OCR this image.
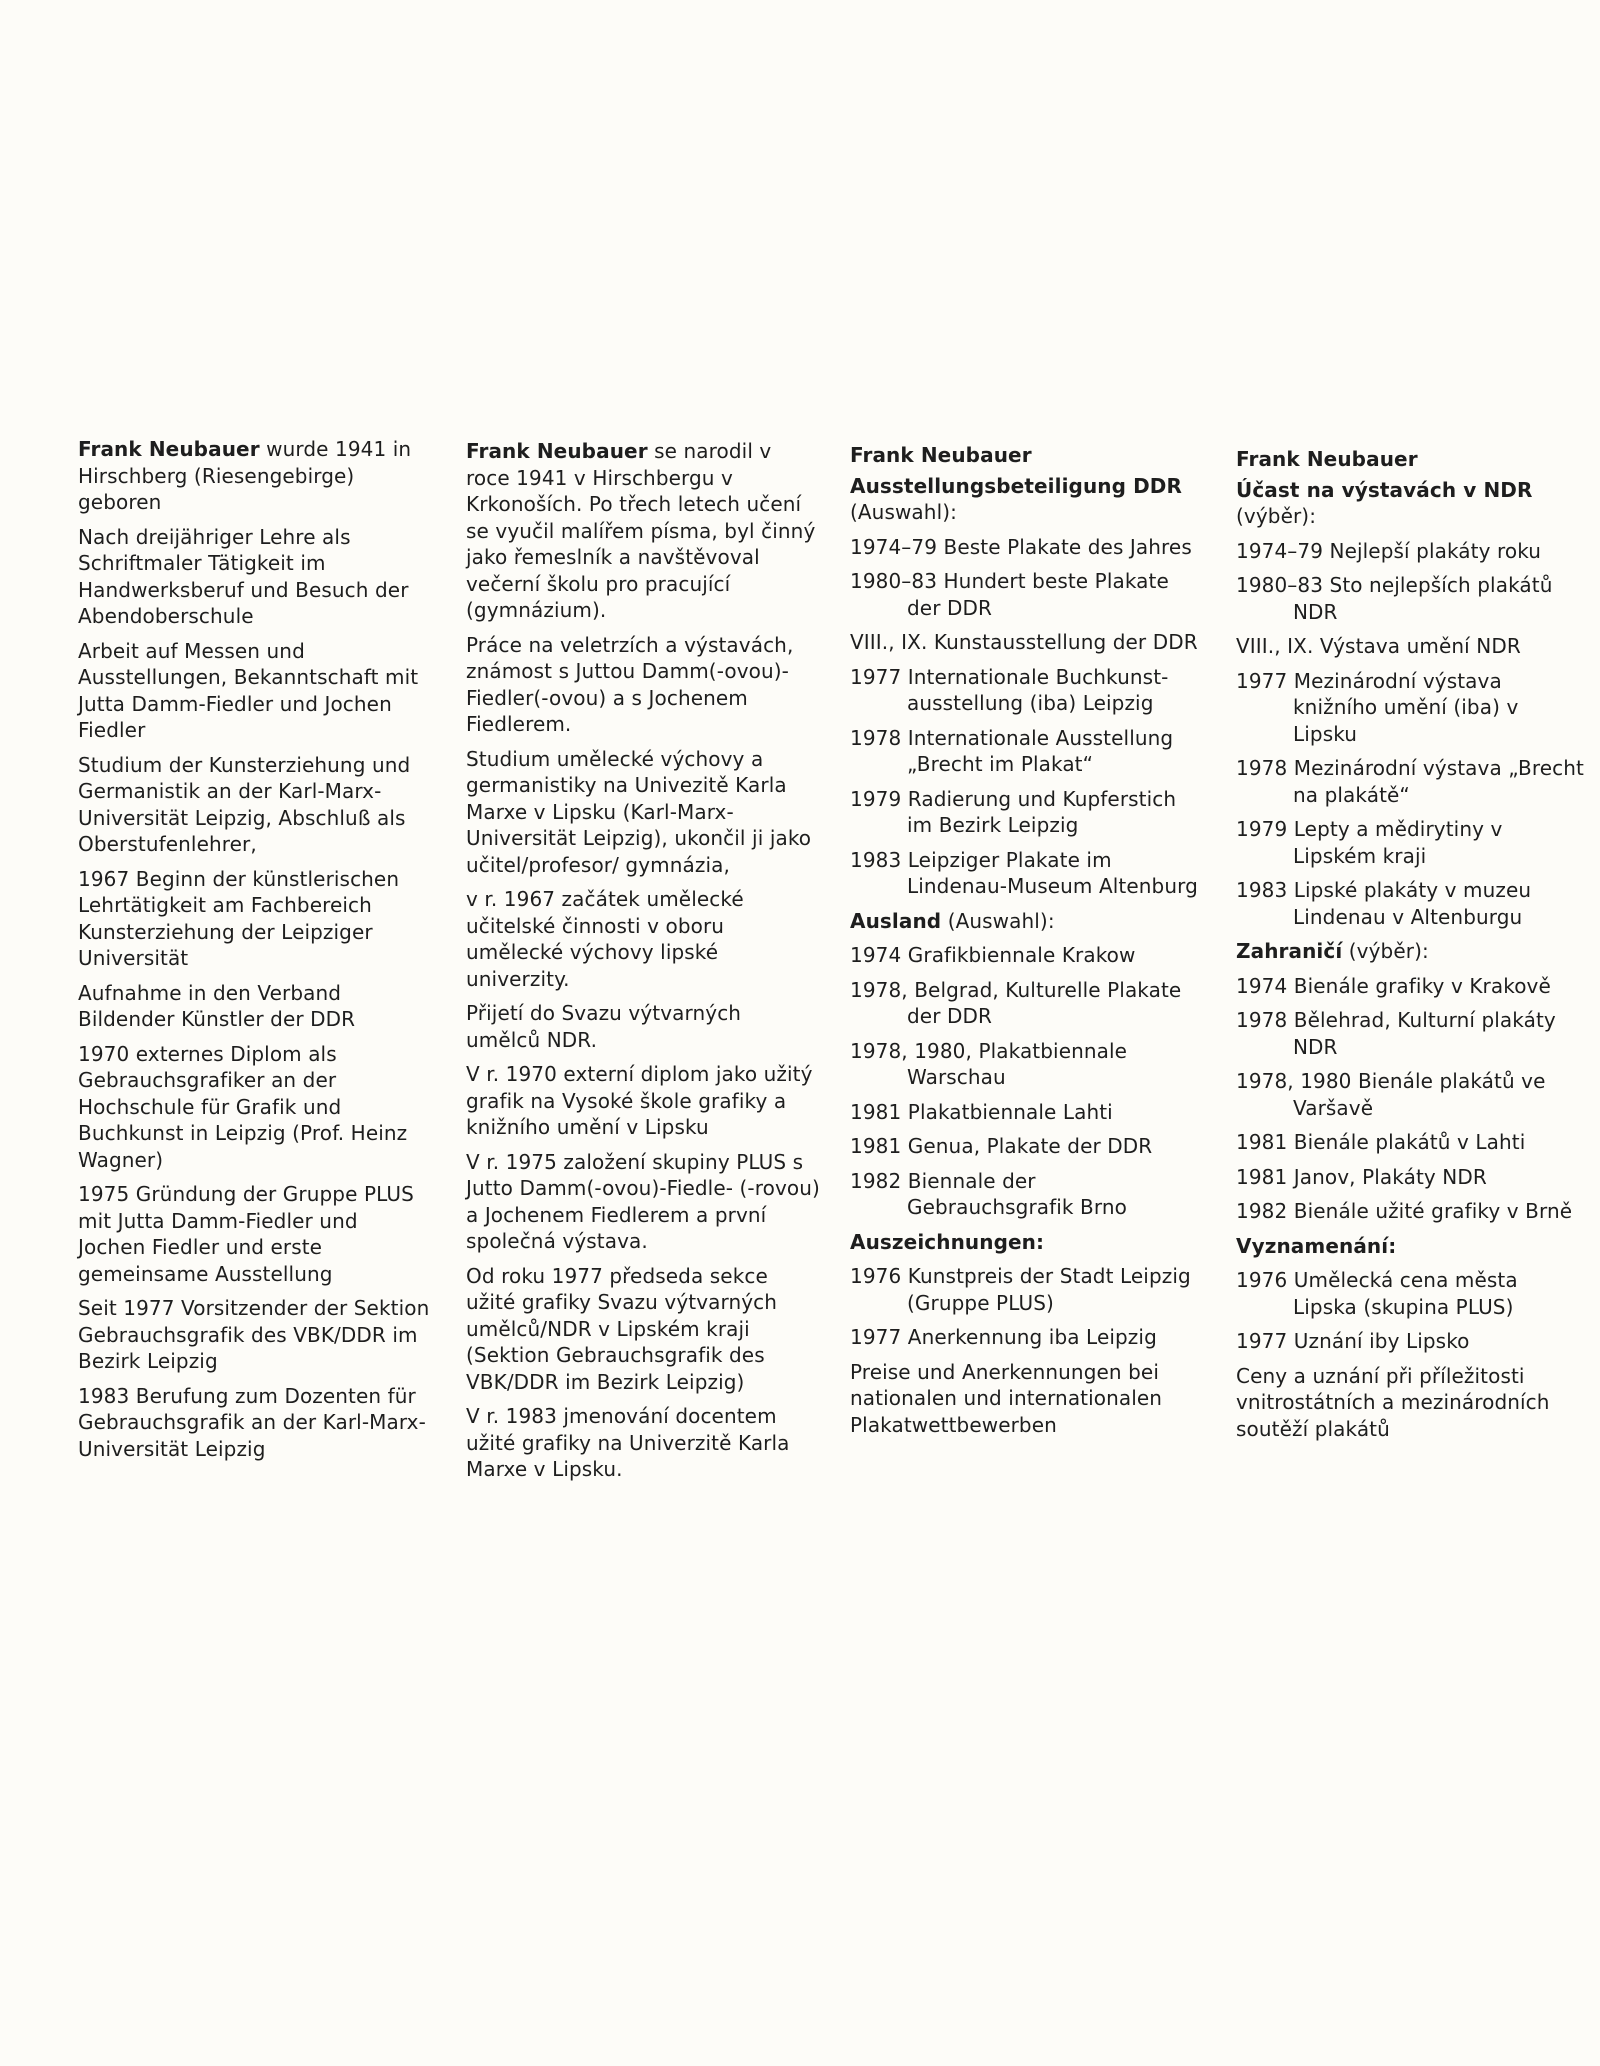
Frank Neubauer wurde 1941 in Hirschberg (Riesengebirge) geboren

Nach dreijähriger Lehre als Schriftmaler Tätigkeit im Handwerksberuf und Besuch der Abendoberschule

Arbeit auf Messen und Ausstellungen, Bekanntschaft mit Jutta Damm-Fiedler und Jochen Fiedler

Studium der Kunsterziehung und Germanistik an der Karl-Marx-Universität Leipzig, Abschluß als Oberstufenlehrer,

1967 Beginn der künstlerischen Lehrtätigkeit am Fachbereich Kunsterziehung der Leipziger Universität

Aufnahme in den Verband Bildender Künstler der DDR

1970 externes Diplom als Gebrauchsgrafiker an der Hochschule für Grafik und Buchkunst in Leipzig (Prof. Heinz Wagner)

1975 Gründung der Gruppe PLUS mit Jutta Damm-Fiedler und Jochen Fiedler und erste gemeinsame Ausstellung

Seit 1977 Vorsitzender der Sektion Gebrauchsgrafik des VBK/DDR im Bezirk Leipzig

1983 Berufung zum Dozenten für Gebrauchsgrafik an der Karl-Marx-Universität Leipzig

Frank Neubauer se narodil v roce 1941 v Hirschbergu v Krkonoších. Po třech letech učení se vyučil malířem písma, byl činný jako řemeslník a navštěvoval večerní školu pro pracující (gymnázium).

Práce na veletrzích a výstavách, známost s Juttou Damm(-ovou)-Fiedler(-ovou) a s Jochenem Fiedlerem.

Studium umělecké výchovy a germanistiky na Univezitě Karla Marxe v Lipsku (Karl-Marx-Universität Leipzig), ukončil ji jako učitel/profesor/ gymnázia,

v r. 1967 začátek umělecké učitelské činnosti v oboru umělecké výchovy lipské univerzity.

Přijetí do Svazu výtvarných umělců NDR.

V r. 1970 externí diplom jako užitý grafik na Vysoké škole grafiky a knižního umění v Lipsku

V r. 1975 založení skupiny PLUS s Jutto Damm(-ovou)-Fiedle- (-rovou) a Jochenem Fiedlerem a první společná výstava.

Od roku 1977 předseda sekce užité grafiky Svazu výtvarných umělců/NDR v Lipském kraji (Sektion Gebrauchsgrafik des VBK/DDR im Bezirk Leipzig)

V r. 1983 jmenování docentem užité grafiky na Univerzitě Karla Marxe v Lipsku.

Frank Neubauer

Ausstellungsbeteiligung DDR

(Auswahl):

1974–79 Beste Plakate des Jahres

1980–83 Hundert beste Plakate der DDR

VIII., IX. Kunstausstellung der DDR

1977 Internationale Buchkunst-ausstellung (iba) Leipzig

1978 Internationale Ausstellung „Brecht im Plakat“

1979 Radierung und Kupferstich im Bezirk Leipzig

1983 Leipziger Plakate im Lindenau-Museum Altenburg

Ausland (Auswahl):

1974 Grafikbiennale Krakow

1978, Belgrad, Kulturelle Plakate der DDR

1978, 1980, Plakatbiennale Warschau

1981 Plakatbiennale Lahti

1981 Genua, Plakate der DDR

1982 Biennale der Gebrauchsgrafik Brno

Auszeichnungen:

1976 Kunstpreis der Stadt Leipzig (Gruppe PLUS)

1977 Anerkennung iba Leipzig

Preise und Anerkennungen bei nationalen und internationalen Plakatwettbewerben

Frank Neubauer

Účast na výstavách v NDR

(výběr):

1974–79 Nejlepší plakáty roku

1980–83 Sto nejlepších plakátů NDR

VIII., IX. Výstava umění NDR

1977 Mezinárodní výstava knižního umění (iba) v Lipsku

1978 Mezinárodní výstava „Brecht na plakátě“

1979 Lepty a mědirytiny v Lipském kraji

1983 Lipské plakáty v muzeu Lindenau v Altenburgu

Zahraničí (výběr):

1974 Bienále grafiky v Krakově

1978 Bělehrad, Kulturní plakáty NDR

1978, 1980 Bienále plakátů ve Varšavě

1981 Bienále plakátů v Lahti

1981 Janov, Plakáty NDR

1982 Bienále užité grafiky v Brně

Vyznamenání:

1976 Umělecká cena města Lipska (skupina PLUS)

1977 Uznání iby Lipsko

Ceny a uznání při příležitosti vnitrostátních a mezinárodních soutěží plakátů
